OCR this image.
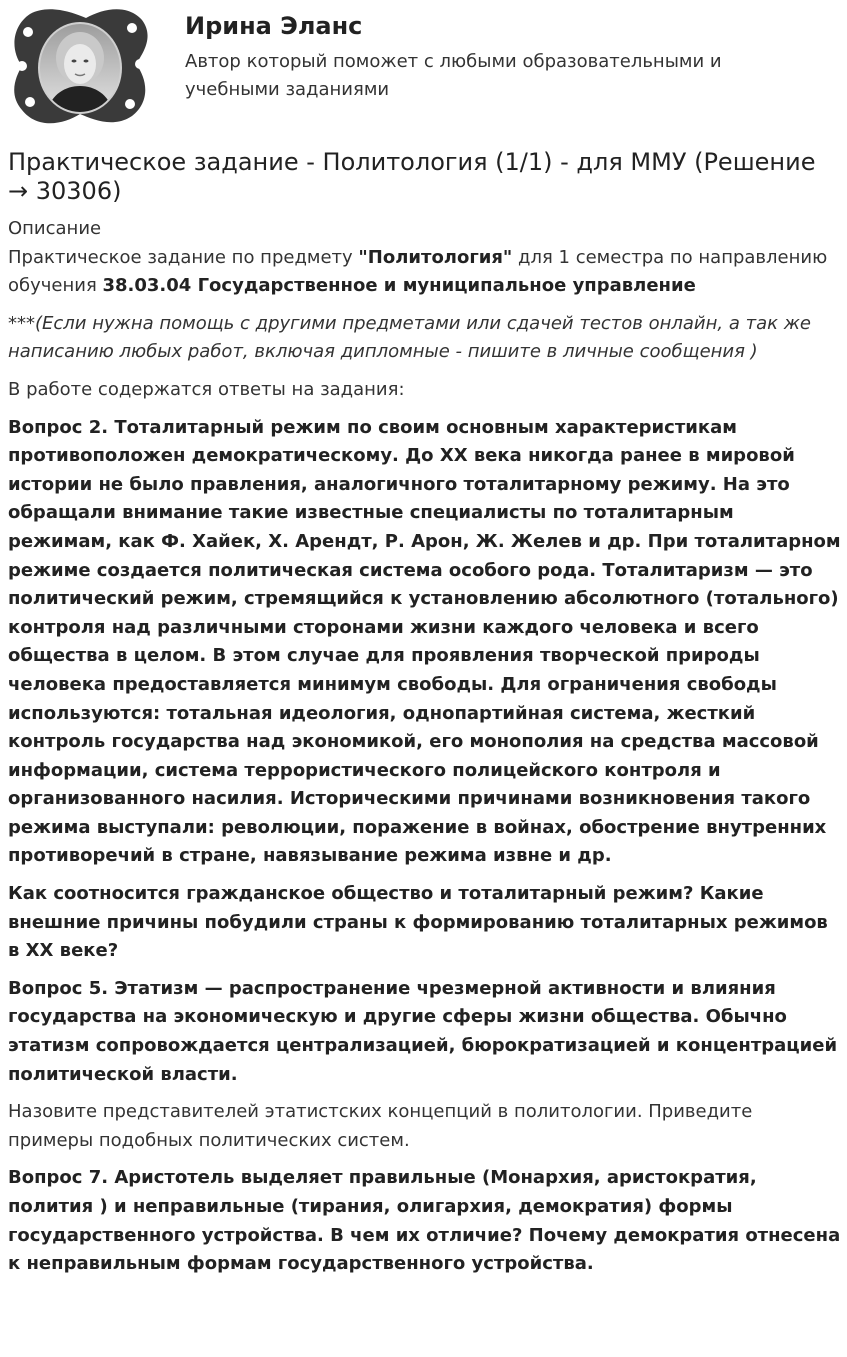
Ирина Эланс
Автор который поможет с любыми образовательными и учебными заданиями
Практическое задание - Политология (1/1) - для ММУ (Решение → 30306)
Описание
Практическое задание по предмету "Политология" для 1 семестра по направлению обучения 38.03.04 Государственное и муниципальное управление

***(Если нужна помощь с другими предметами или сдачей тестов онлайн, а так же написанию любых работ, включая дипломные - пишите в личные сообщения )

В работе содержатся ответы на задания:

Вопрос 2. Тоталитарный режим по своим основным характеристикам противоположен демократическому. До XX века никогда ранее в мировой истории не было правления, аналогичного тоталитарному режиму. На это обращали внимание такие известные специалисты по тоталитарным режимам, как Ф. Хайек, Х. Арендт, Р. Арон, Ж. Желев и др. При тоталитарном режиме создается политическая система особого рода. Тоталитаризм — это политический режим, стремящийся к установлению абсолютного (тотального) контроля над различными сторонами жизни каждого человека и всего общества в целом. В этом случае для проявления творческой природы человека предоставляется минимум свободы. Для ограничения свободы используются: тотальная идеология, однопартийная система, жесткий контроль государства над экономикой, его монополия на средства массовой информации, система террористического полицейского контроля и организованного насилия. Историческими причинами возникновения такого режима выступали: революции, поражение в войнах, обострение внутренних противоречий в стране, навязывание режима извне и др.

Как соотносится гражданское общество и тоталитарный режим? Какие внешние причины побудили страны к формированию тоталитарных режимов в XX веке?

Вопрос 5. Этатизм — распространение чрезмерной активности и влияния государства на экономическую и другие сферы жизни общества. Обычно этатизм сопровождается централизацией, бюрократизацией и концентрацией политической власти.

Назовите представителей этатистских концепций в политологии. Приведите примеры подобных политических систем.

Вопрос 7. Аристотель выделяет правильные (Монархия, аристократия, полития ) и неправильные (тирания, олигархия, демократия) формы государственного устройства. В чем их отличие? Почему демократия отнесена к неправильным формам государственного устройства.
